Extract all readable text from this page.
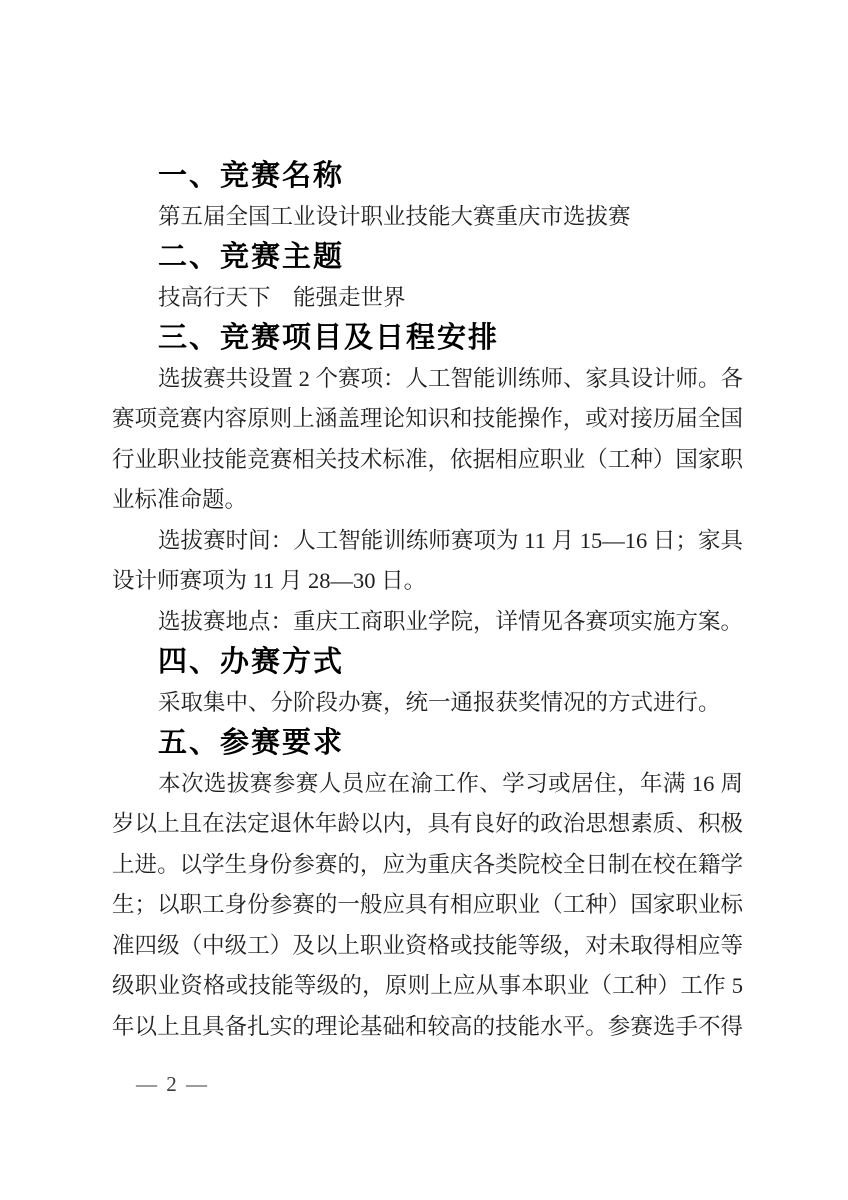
一、竞赛名称
第五届全国工业设计职业技能大赛重庆市选拔赛
二、竞赛主题
技高行天下　能强走世界
三、竞赛项目及日程安排
选拔赛共设置 2 个赛项：人工智能训练师、家具设计师。各
赛项竞赛内容原则上涵盖理论知识和技能操作，或对接历届全国
行业职业技能竞赛相关技术标准，依据相应职业（工种）国家职
业标准命题。
选拔赛时间：人工智能训练师赛项为 11 月 15—16 日；家具
设计师赛项为 11 月 28—30 日。
选拔赛地点：重庆工商职业学院，详情见各赛项实施方案。
四、办赛方式
采取集中、分阶段办赛，统一通报获奖情况的方式进行。
五、参赛要求
本次选拔赛参赛人员应在渝工作、学习或居住，年满 16 周
岁以上且在法定退休年龄以内，具有良好的政治思想素质、积极
上进。以学生身份参赛的，应为重庆各类院校全日制在校在籍学
生；以职工身份参赛的一般应具有相应职业（工种）国家职业标
准四级（中级工）及以上职业资格或技能等级，对未取得相应等
级职业资格或技能等级的，原则上应从事本职业（工种）工作 5
年以上且具备扎实的理论基础和较高的技能水平。参赛选手不得
— 2 —
